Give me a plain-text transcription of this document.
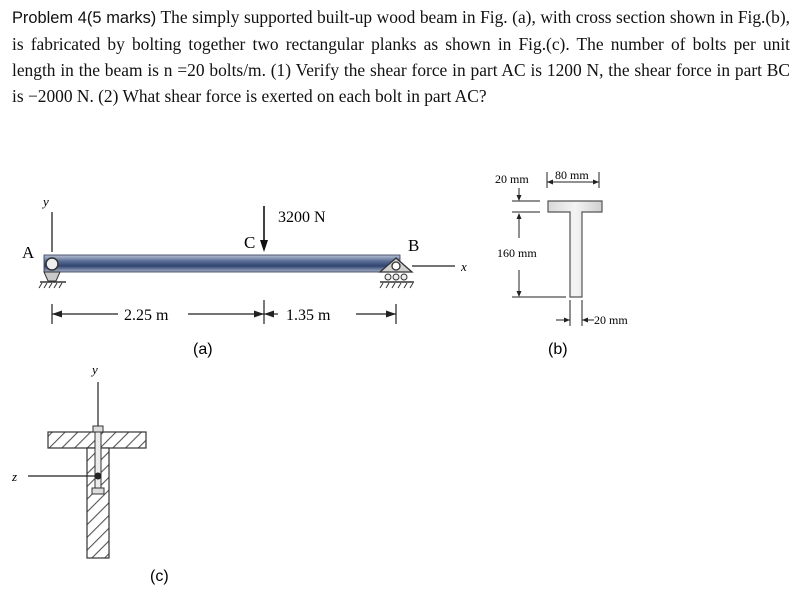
Problem 4(5 marks) The simply supported built-up wood beam in Fig. (a), with cross section shown in Fig.(b), is fabricated by bolting together two rectangular planks as shown in Fig.(c). The number of bolts per unit length in the beam is n =20 bolts/m. (1) Verify the shear force in part AC is 1200 N, the shear force in part BC is −2000 N. (2) What shear force is exerted on each bolt in part AC?

y
A
x
B
C
3200 N
2.25 m	1.35 m
(a)
20 mm 80 mm
160 mm
20 mm
(b)
y
z
(c)
